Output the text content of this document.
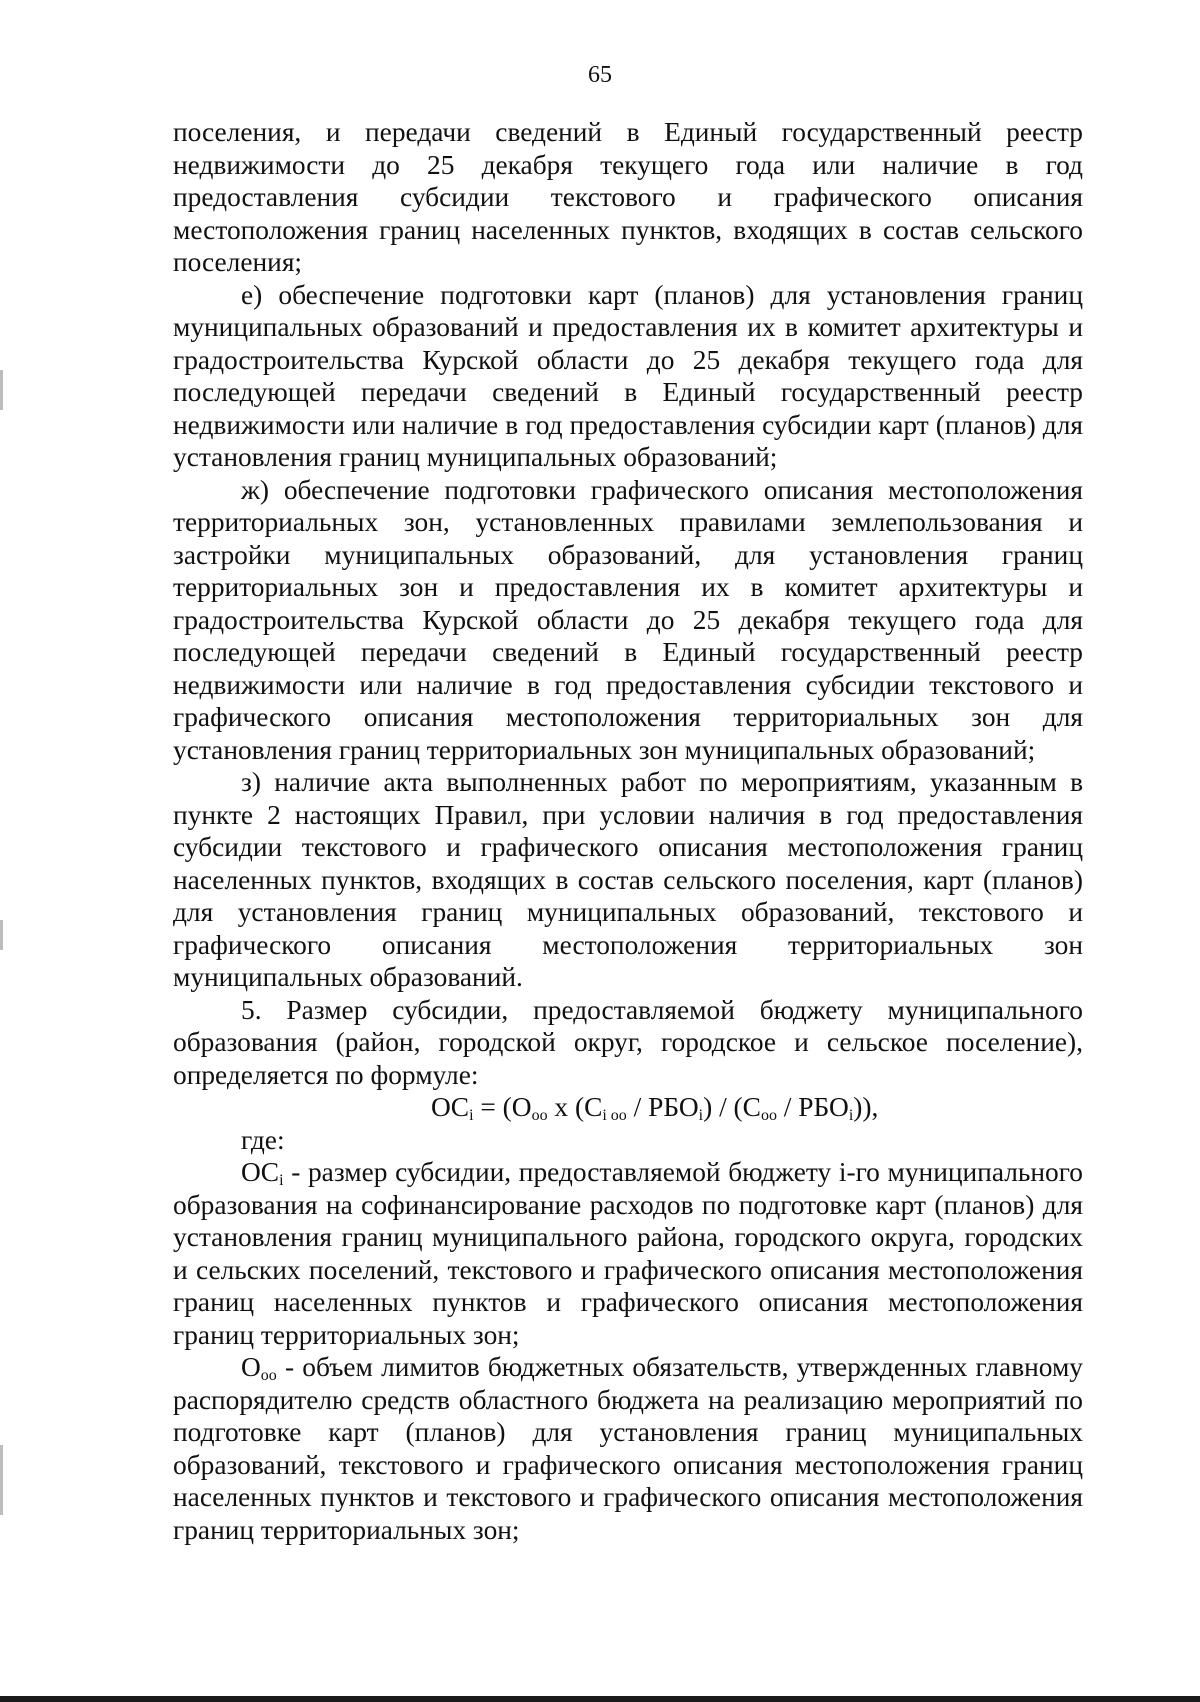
65

поселения, и передачи сведений в Единый государственный реестр недвижимости до 25 декабря текущего года или наличие в год предоставления субсидии текстового и графического описания местоположения границ населенных пунктов, входящих в состав сельского поселения;

е) обеспечение подготовки карт (планов) для установления границ муниципальных образований и предоставления их в комитет архитектуры и градостроительства Курской области до 25 декабря текущего года для последующей передачи сведений в Единый государственный реестр недвижимости или наличие в год предоставления субсидии карт (планов) для установления границ муниципальных образований;

ж) обеспечение подготовки графического описания местоположения территориальных зон, установленных правилами землепользования и застройки муниципальных образований, для установления границ территориальных зон и предоставления их в комитет архитектуры и градостроительства Курской области до 25 декабря текущего года для последующей передачи сведений в Единый государственный реестр недвижимости или наличие в год предоставления субсидии текстового и графического описания местоположения территориальных зон для установления границ территориальных зон муниципальных образований;

з) наличие акта выполненных работ по мероприятиям, указанным в пункте 2 настоящих Правил, при условии наличия в год предоставления субсидии текстового и графического описания местоположения границ населенных пунктов, входящих в состав сельского поселения, карт (планов) для установления границ муниципальных образований, текстового и графического описания местоположения территориальных зон муниципальных образований.

5. Размер субсидии, предоставляемой бюджету муниципального образования (район, городской округ, городское и сельское поселение), определяется по формуле:

$OC_i = (O_{oo}$ x $(C_{i oo} / РБО_i) / (C_{oo} / РБО_i)$),

где:

$OC_i$ - размер субсидии, предоставляемой бюджету i-го муниципального образования на софинансирование расходов по подготовке карт (планов) для установления границ муниципального района, городского округа, городских и сельских поселений, текстового и графического описания местоположения границ населенных пунктов и графического описания местоположения границ территориальных зон;

$O_{oo}$ - объем лимитов бюджетных обязательств, утвержденных главному распорядителю средств областного бюджета на реализацию мероприятий по подготовке карт (планов) для установления границ муниципальных образований, текстового и графического описания местоположения границ населенных пунктов и текстового и графического описания местоположения границ территориальных зон;
